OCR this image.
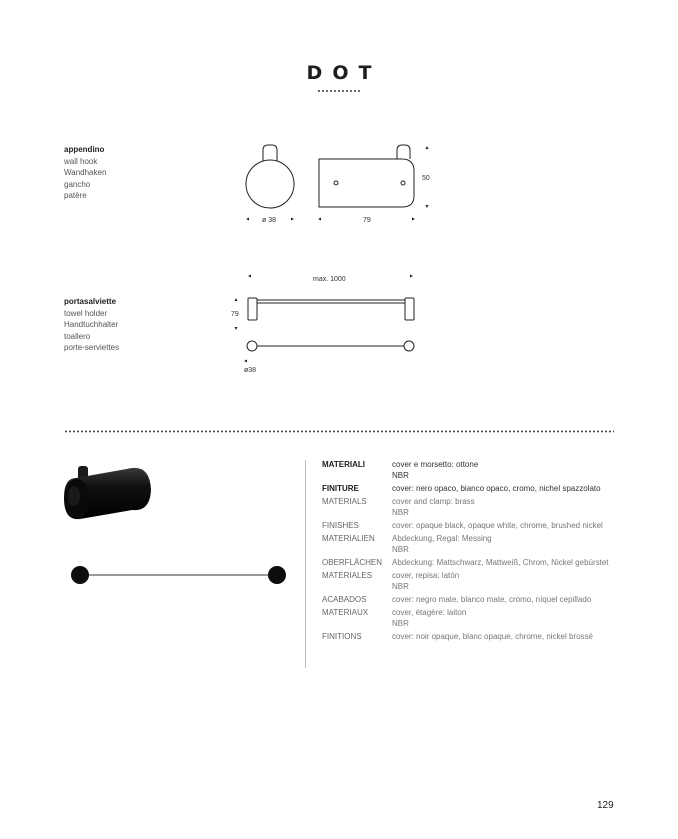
DOT
appendino
wall hook
Wandhaken
gancho
patère
portasalviette
towel holder
Handtuchhalter
toallero
porte-serviettes
ø 38	79
50
max. 1000
79
ø38
MATERIALI	cover e morsetto: ottone
NBR
FINITURE	cover: nero opaco, bianco opaco, cromo, nichel spazzolato
MATERIALS	cover and clamp: brass
NBR
FINISHES	cover: opaque black, opaque white, chrome, brushed nickel
MATERIALIEN	Abdeckung, Regal: Messing
NBR
OBERFLÄCHEN	Abdeckung: Mattschwarz, Mattweiß, Chrom, Nickel gebürstet
MATERIALES	cover, repisa: latón
NBR
ACABADOS	cover: negro mate, blanco mate, cromo, níquel cepillado
MATERIAUX	cover, étagère: laiton
NBR
FINITIONS	cover: noir opaque, blanc opaque, chrome, nickel brossé
129
